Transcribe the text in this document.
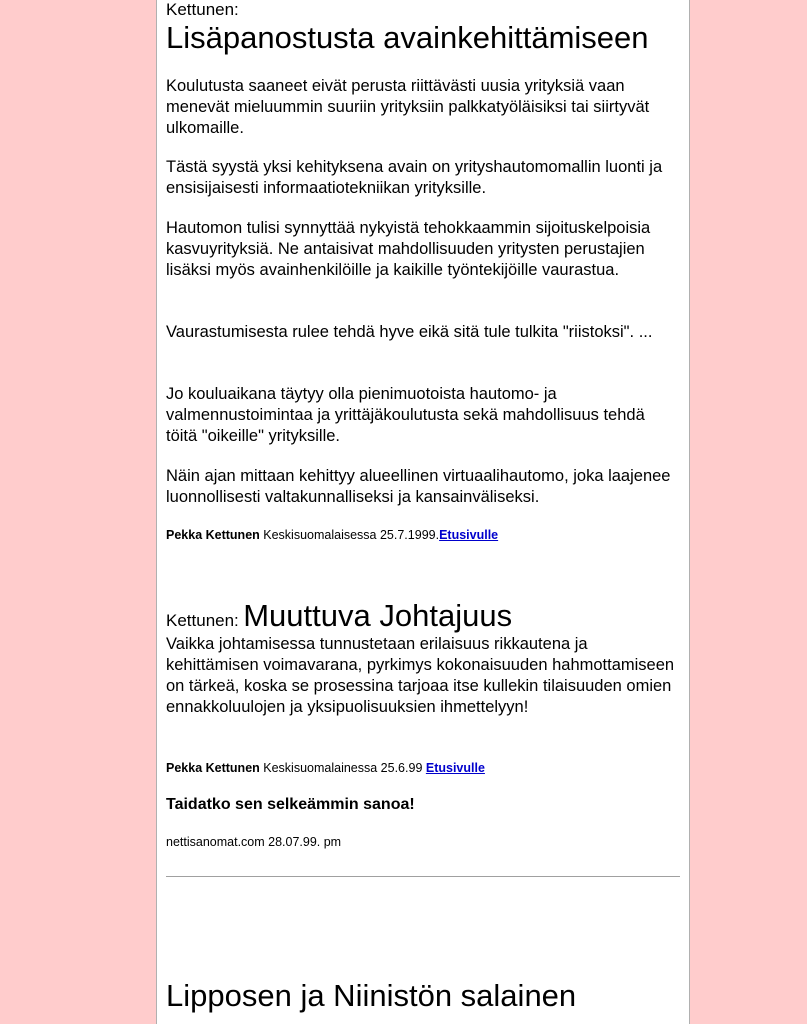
Kettunen:

Lisäpanostusta avainkehittämiseen

Koulutusta saaneet eivät perusta riittävästi uusia yrityksiä vaan menevät mieluummin suuriin yrityksiin palkkatyöläisiksi tai siirtyvät ulkomaille.

Tästä syystä yksi kehityksena avain on yrityshautomomallin luonti ja ensisijaisesti informaatiotekniikan yrityksille.

Hautomon tulisi synnyttää nykyistä tehokkaammin sijoituskelpoisia kasvuyrityksiä. Ne antaisivat mahdollisuuden yritysten perustajien lisäksi myös avainhenkilöille ja kaikille työntekijöille vaurastua.

Vaurastumisesta rulee tehdä hyve eikä sitä tule tulkita "riistoksi". ...

Jo kouluaikana täytyy olla pienimuotoista hautomo- ja valmennustoimintaa ja yrittäjäkoulutusta sekä mahdollisuus tehdä töitä "oikeille" yrityksille.

Näin ajan mittaan kehittyy alueellinen virtuaalihautomo, joka laajenee luonnollisesti valtakunnalliseksi ja kansainväliseksi.

Pekka Kettunen Keskisuomalaisessa 25.7.1999.Etusivulle

Kettunen: Muuttuva Johtajuus

Vaikka johtamisessa tunnustetaan erilaisuus rikkautena ja kehittämisen voimavarana, pyrkimys kokonaisuuden hahmottamiseen on tärkeä, koska se prosessina tarjoaa itse kullekin tilaisuuden omien ennakkoluulojen ja yksipuolisuuksien ihmettelyyn!

Pekka Kettunen Keskisuomalainessa 25.6.99 Etusivulle

Taidatko sen selkeämmin sanoa!

nettisanomat.com 28.07.99. pm

Lipposen ja Niinistön salainen
